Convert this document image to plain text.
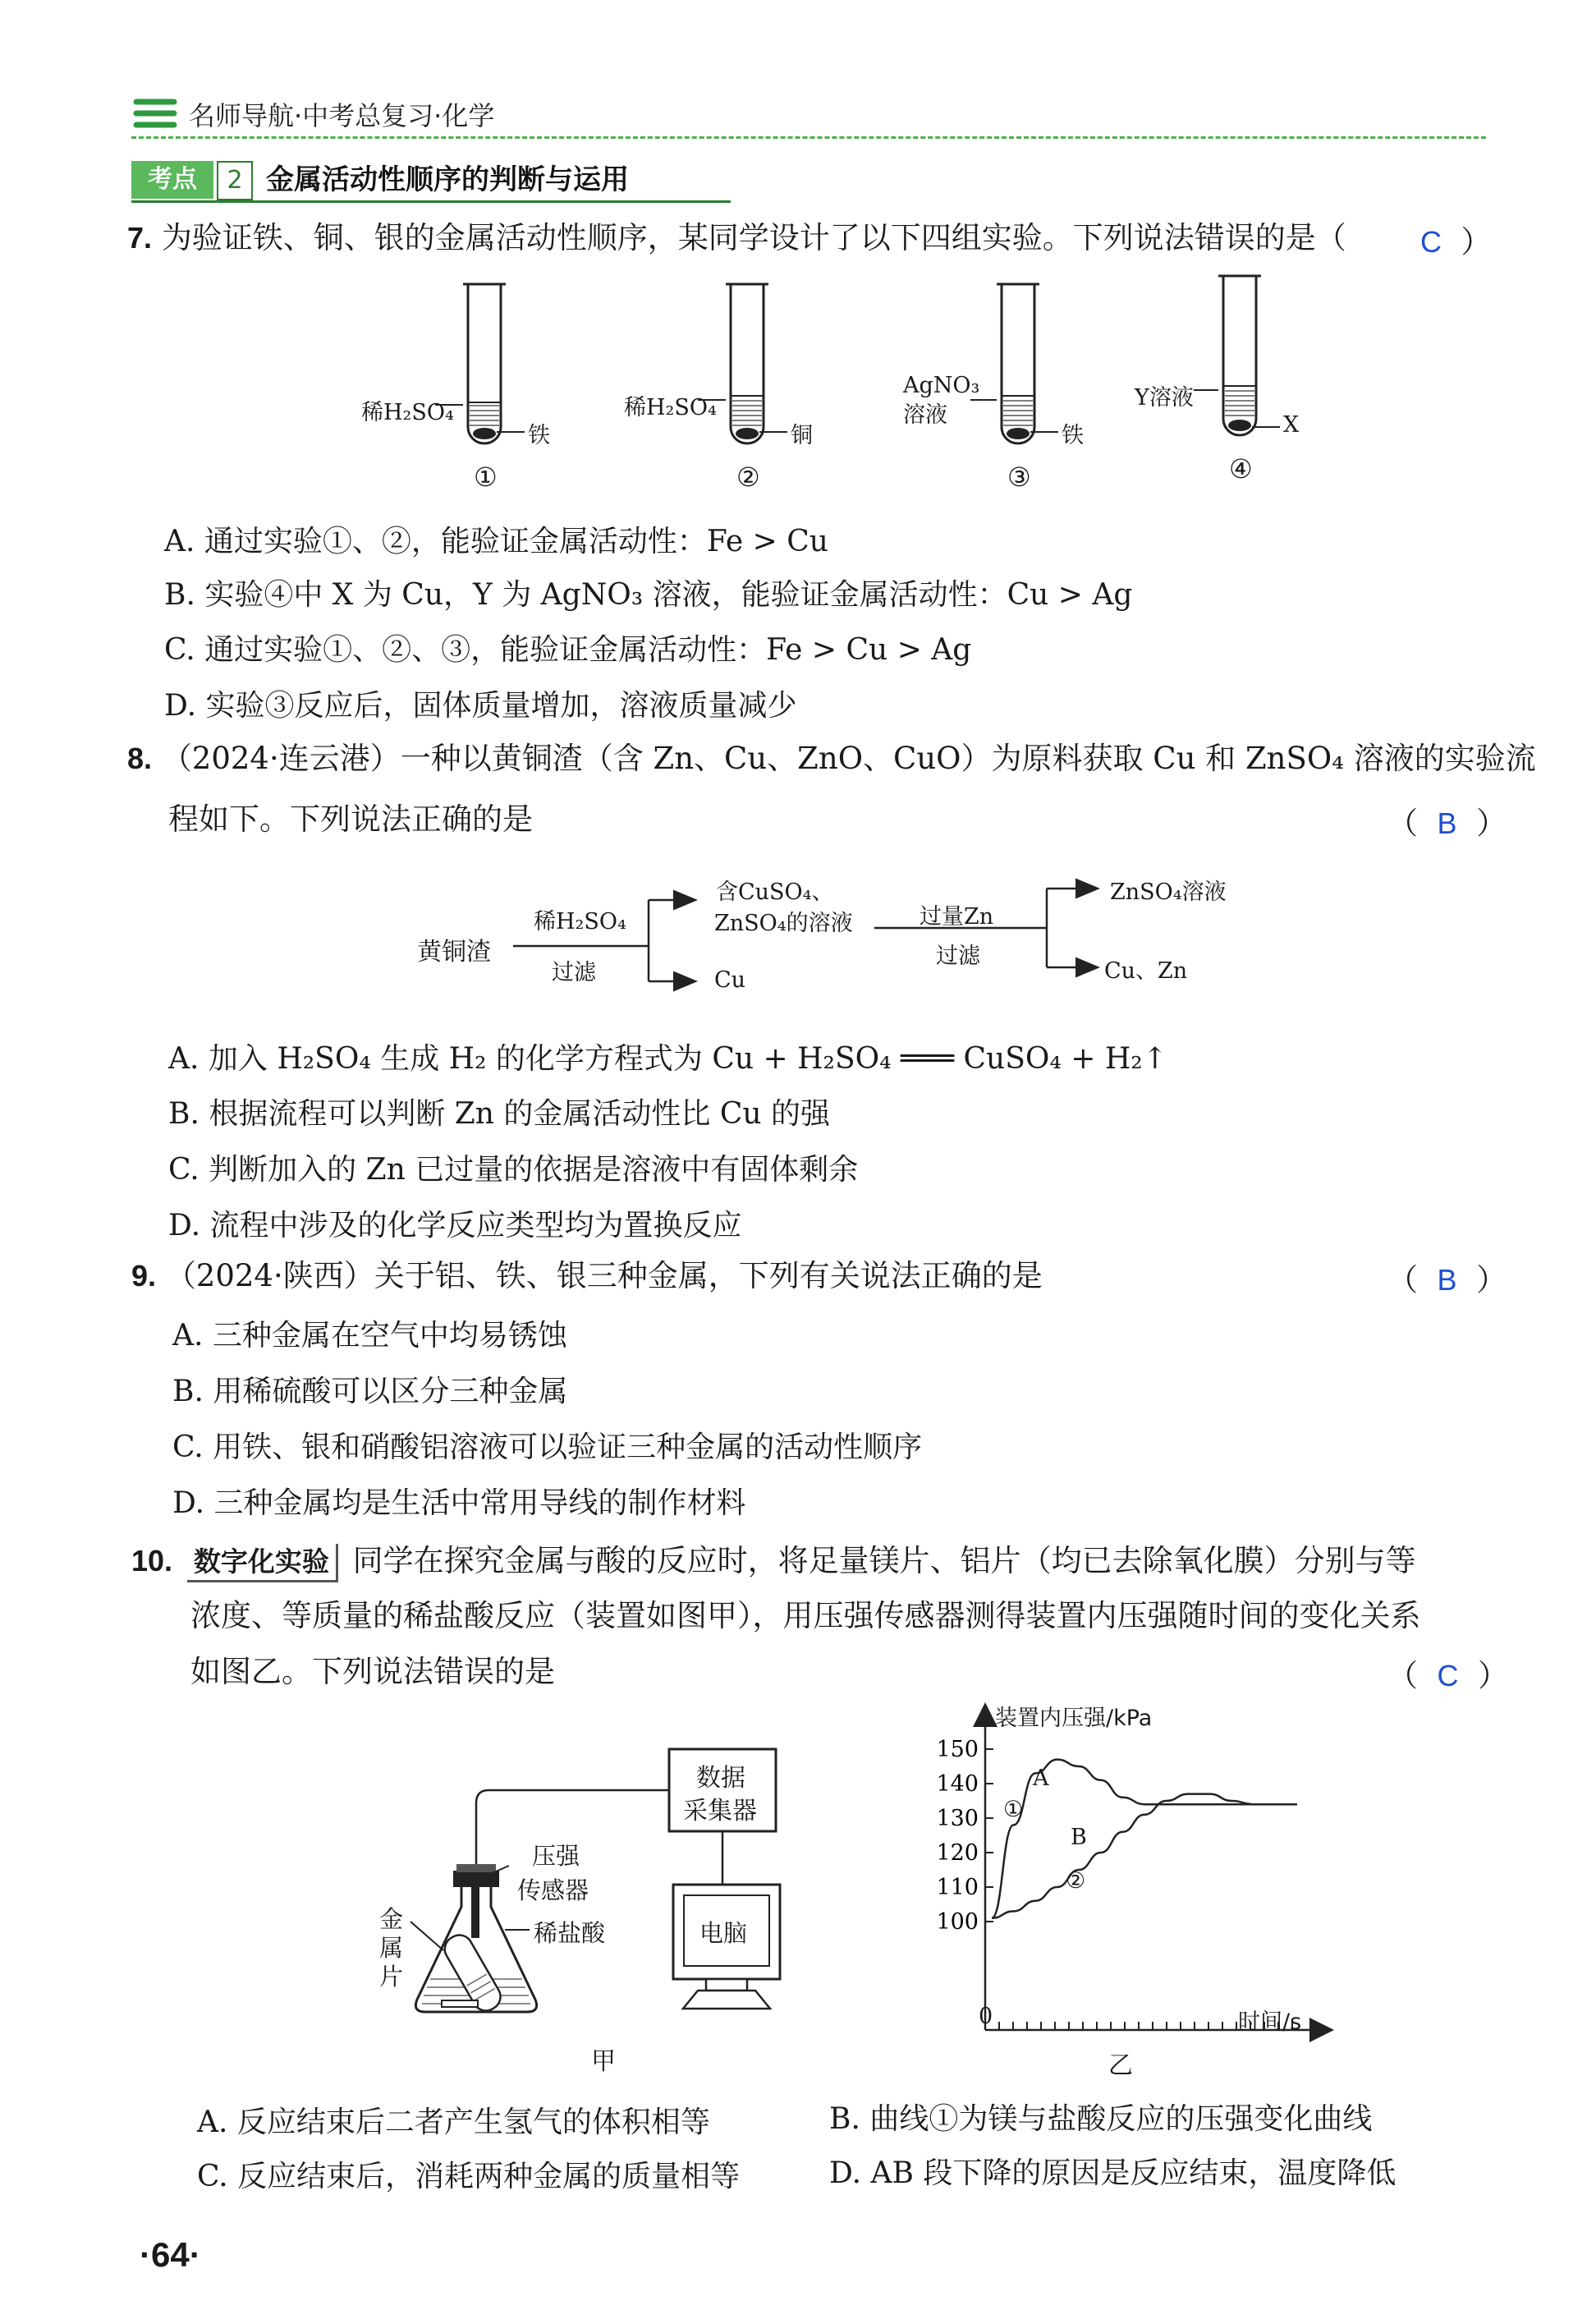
名师导航·中考总复习·化学
考点	2 金属活动性顺序的判断与运用
7. 为验证铁、铜、银的金属活动性顺序，某同学设计了以下四组实验。下列说法错误的是（	C  ）
稀H₂SO₄
铁
①
稀H₂SO₄
铜
②
AgNO₃溶液
铁
③
Y溶液
X
④
A. 通过实验①、②，能验证金属活动性：Fe > Cu
B. 实验④中 X 为 Cu，Y 为 AgNO₃ 溶液，能验证金属活动性：Cu > Ag
C. 通过实验①、②、③，能验证金属活动性：Fe > Cu > Ag
D. 实验③反应后，固体质量增加，溶液质量减少
8. （2024·连云港）一种以黄铜渣（含 Zn、Cu、ZnO、CuO）为原料获取 Cu 和 ZnSO₄ 溶液的实验流
程如下。下列说法正确的是	（  B  ）
黄铜渣
稀H₂SO₄
过滤
含CuSO₄、
ZnSO₄的溶液
Cu
过量Zn
过滤
ZnSO₄溶液
Cu、Zn
A. 加入 H₂SO₄ 生成 H₂ 的化学方程式为 Cu + H₂SO₄ ═══ CuSO₄ + H₂↑
B. 根据流程可以判断 Zn 的金属活动性比 Cu 的强
C. 判断加入的 Zn 已过量的依据是溶液中有固体剩余
D. 流程中涉及的化学反应类型均为置换反应
9. （2024·陕西）关于铝、铁、银三种金属，下列有关说法正确的是	（  B  ）
A. 三种金属在空气中均易锈蚀
B. 用稀硫酸可以区分三种金属
C. 用铁、银和硝酸铝溶液可以验证三种金属的活动性顺序
D. 三种金属均是生活中常用导线的制作材料
10. 数字化实验 同学在探究金属与酸的反应时，将足量镁片、铝片（均已去除氧化膜）分别与等
浓度、等质量的稀盐酸反应（装置如图甲），用压强传感器测得装置内压强随时间的变化关系
如图乙。下列说法错误的是	（  C  ）
数据
采集器
电脑
压强
传感器
稀盐酸
金
属
片
甲
100
110
120
130
140
150
装置内压强/kPa
时间/s
0
①
②
A
B
乙
A. 反应结束后二者产生氢气的体积相等	B. 曲线①为镁与盐酸反应的压强变化曲线
C. 反应结束后，消耗两种金属的质量相等	D. AB 段下降的原因是反应结束，温度降低
·64·
